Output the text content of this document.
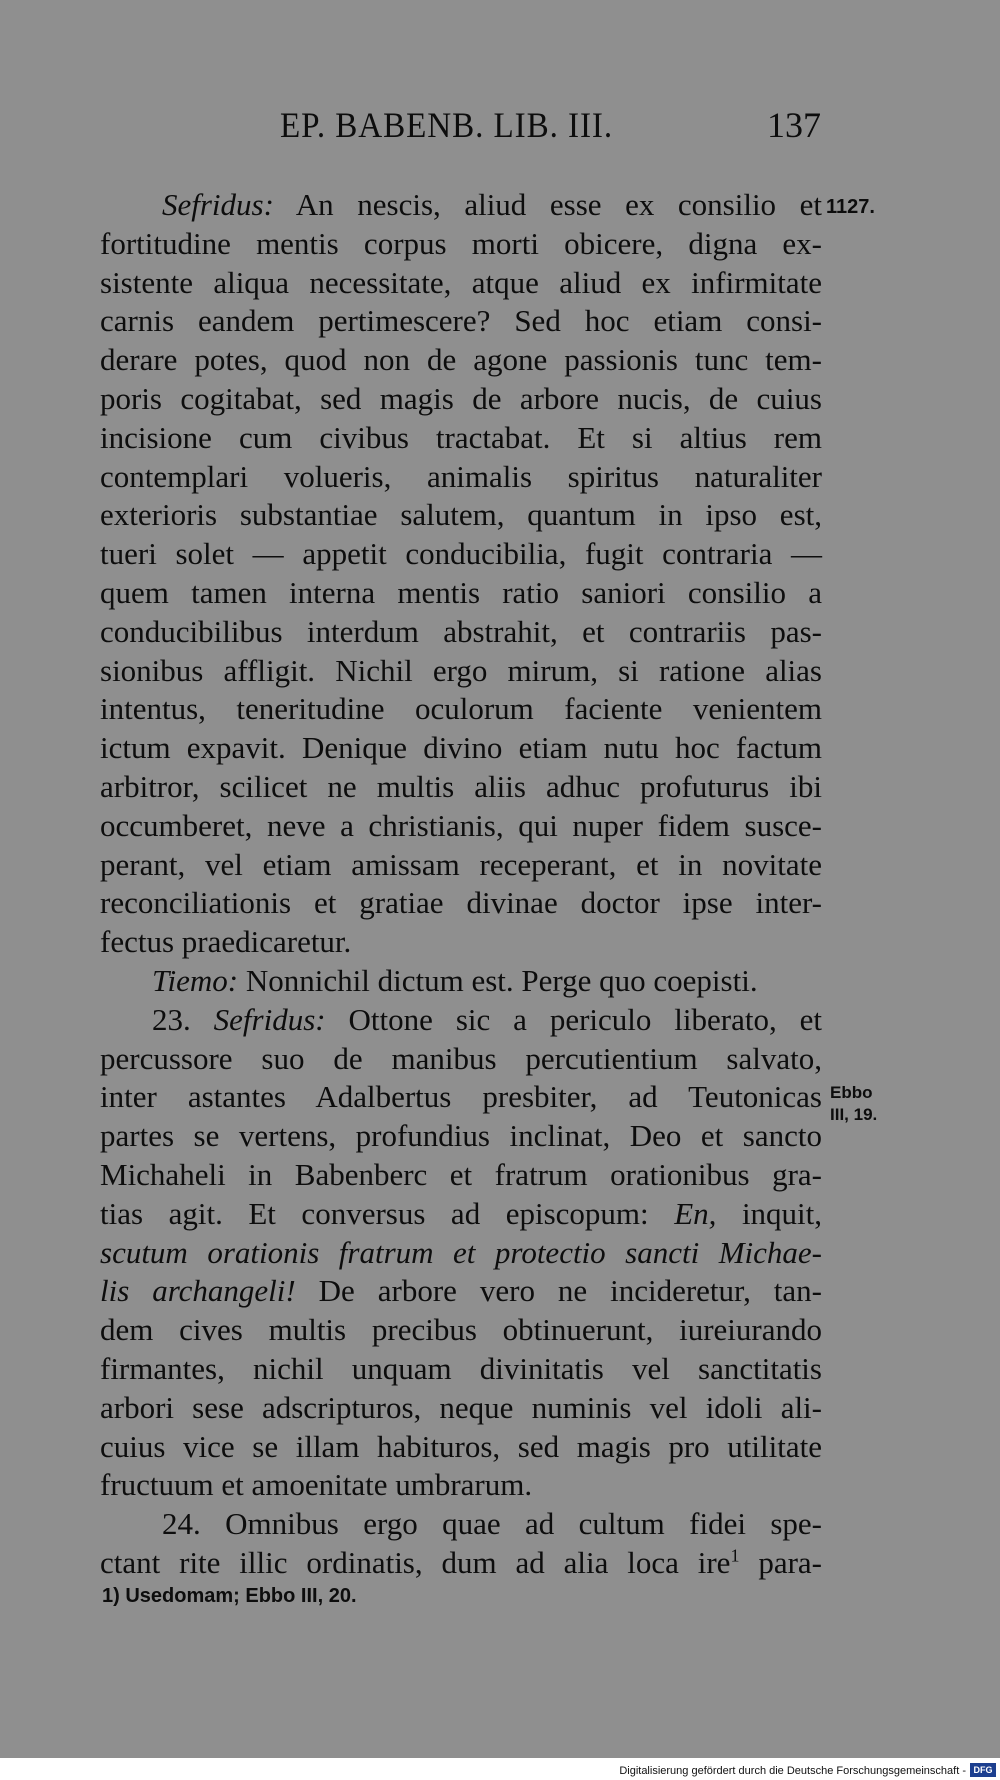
EP. BABENB. LIB. III.	137
1127.
Ebbo
III, 19.
Sefridus: An nescis, aliud esse ex consilio et
fortitudine mentis corpus morti obicere, digna ex-
sistente aliqua necessitate, atque aliud ex infirmitate
carnis eandem pertimescere? Sed hoc etiam consi-
derare potes, quod non de agone passionis tunc tem-
poris cogitabat, sed magis de arbore nucis, de cuius
incisione cum civibus tractabat. Et si altius rem
contemplari volueris, animalis spiritus naturaliter
exterioris substantiae salutem, quantum in ipso est,
tueri solet — appetit conducibilia, fugit contraria —
quem tamen interna mentis ratio saniori consilio a
conducibilibus interdum abstrahit, et contrariis pas-
sionibus affligit. Nichil ergo mirum, si ratione alias
intentus, teneritudine oculorum faciente venientem
ictum expavit. Denique divino etiam nutu hoc factum
arbitror, scilicet ne multis aliis adhuc profuturus ibi
occumberet, neve a christianis, qui nuper fidem susce-
perant, vel etiam amissam receperant, et in novitate
reconciliationis et gratiae divinae doctor ipse inter-
fectus praedicaretur.
Tiemo: Nonnichil dictum est. Perge quo coepisti.
23. Sefridus: Ottone sic a periculo liberato, et
percussore suo de manibus percutientium salvato,
inter astantes Adalbertus presbiter, ad Teutonicas
partes se vertens, profundius inclinat, Deo et sancto
Michaheli in Babenberc et fratrum orationibus gra-
tias agit. Et conversus ad episcopum: En, inquit,
scutum orationis fratrum et protectio sancti Michae-
lis archangeli! De arbore vero ne incideretur, tan-
dem cives multis precibus obtinuerunt, iureiurando
firmantes, nichil unquam divinitatis vel sanctitatis
arbori sese adscripturos, neque numinis vel idoli ali-
cuius vice se illam habituros, sed magis pro utilitate
fructuum et amoenitate umbrarum.
24. Omnibus ergo quae ad cultum fidei spe-
ctant rite illic ordinatis, dum ad alia loca ire$^1$ para-
1) Usedomam; Ebbo III, 20.
Digitalisierung gefördert durch die Deutsche Forschungsgemeinschaft - DFG
